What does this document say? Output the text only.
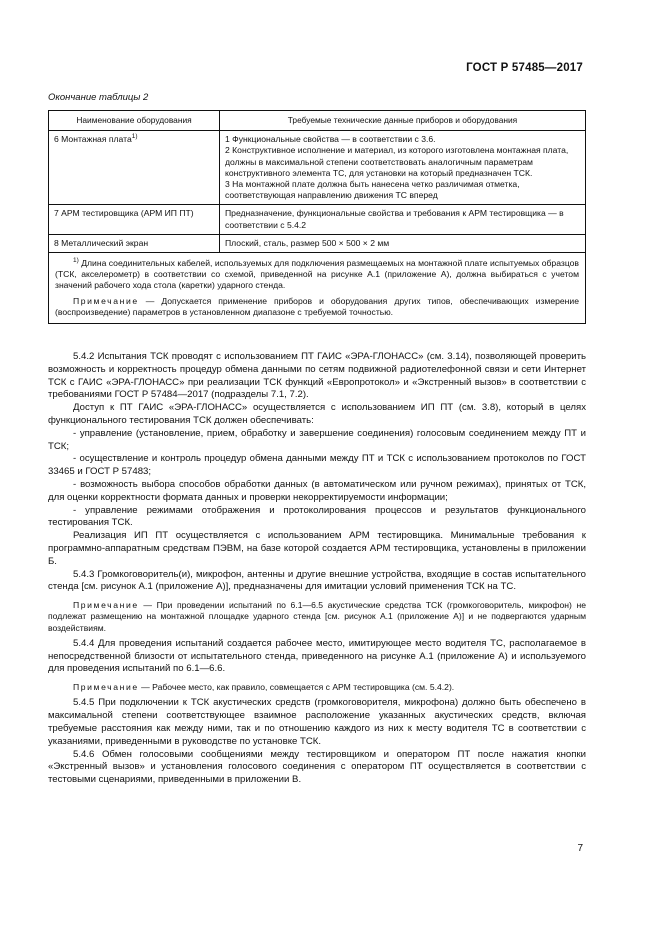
ГОСТ Р 57485—2017
Окончание таблицы 2
Наименование оборудования	Требуемые технические данные приборов и оборудования
6 Монтажная плата$^{1)}$	1 Функциональные свойства — в соответствии с 3.6.
2 Конструктивное исполнение и материал, из которого изготовлена монтажная плата, должны в максимальной степени соответствовать аналогичным параметрам конструктивного элемента ТС, для установки на который предназначен ТСК.
3 На монтажной плате должна быть нанесена четко различимая отметка, соответствующая направлению движения ТС вперед

7 АРМ тестировщика (АРМ ИП ПТ)	Предназначение, функциональные свойства и требования к АРМ тестировщика — в соответствии с 5.4.2

8 Металлический экран	Плоский, сталь, размер 500 × 500 × 2 мм

$^{1)}$ Длина соединительных кабелей, используемых для подключения размещаемых на монтажной плате испытуемых образцов (ТСК, акселерометр) в соответствии со схемой, приведенной на рисунке А.1 (приложение А), должна выбираться с учетом значений рабочего хода стола (каретки) ударного стенда.

Примечание — Допускается применение приборов и оборудования других типов, обеспечивающих измерение (воспроизведение) параметров в установленном диапазоне с требуемой точностью.	

5.4.2 Испытания ТСК проводят с использованием ПТ ГАИС «ЭРА-ГЛОНАСС» (см. 3.14), позволяющей проверить возможность и корректность процедур обмена данными по сетям подвижной радиотелефонной связи и сети Интернет ТСК с ГАИС «ЭРА-ГЛОНАСС» при реализации ТСК функций «Европротокол» и «Экстренный вызов» в соответствии с требованиями ГОСТ Р 57484—2017 (подразделы 7.1, 7.2).

Доступ к ПТ ГАИС «ЭРА-ГЛОНАСС» осуществляется с использованием ИП ПТ (см. 3.8), который в целях функционального тестирования ТСК должен обеспечивать:

- управление (установление, прием, обработку и завершение соединения) голосовым соединением между ПТ и ТСК;

- осуществление и контроль процедур обмена данными между ПТ и ТСК с использованием протоколов по ГОСТ 33465 и ГОСТ Р 57483;

- возможность выбора способов обработки данных (в автоматическом или ручном режимах), принятых от ТСК, для оценки корректности формата данных и проверки некорректируемости информации;

- управление режимами отображения и протоколирования процессов и результатов функционального тестирования ТСК.

Реализация ИП ПТ осуществляется с использованием АРМ тестировщика. Минимальные требования к программно-аппаратным средствам ПЭВМ, на базе которой создается АРМ тестировщика, установлены в приложении Б.

5.4.3 Громкоговоритель(и), микрофон, антенны и другие внешние устройства, входящие в состав испытательного стенда [см. рисунок А.1 (приложение А)], предназначены для имитации условий применения ТСК на ТС.

Примечание — При проведении испытаний по 6.1—6.5 акустические средства ТСК (громкоговоритель, микрофон) не подлежат размещению на монтажной площадке ударного стенда [см. рисунок А.1 (приложение А)] и не подвергаются ударным воздействиям.

5.4.4 Для проведения испытаний создается рабочее место, имитирующее место водителя ТС, располагаемое в непосредственной близости от испытательного стенда, приведенного на рисунке А.1 (приложение А) и используемого для проведения испытаний по 6.1—6.6.

Примечание — Рабочее место, как правило, совмещается с АРМ тестировщика (см. 5.4.2).

5.4.5 При подключении к ТСК акустических средств (громкоговорителя, микрофона) должно быть обеспечено в максимальной степени соответствующее взаимное расположение указанных акустических средств, включая требуемые расстояния как между ними, так и по отношению каждого из них к месту водителя ТС в соответствии с указаниями, приведенными в руководстве по установке ТСК.

5.4.6 Обмен голосовыми сообщениями между тестировщиком и оператором ПТ после нажатия кнопки «Экстренный вызов» и установления голосового соединения с оператором ПТ осуществляется в соответствии с тестовыми сценариями, приведенными в приложении В.

7
